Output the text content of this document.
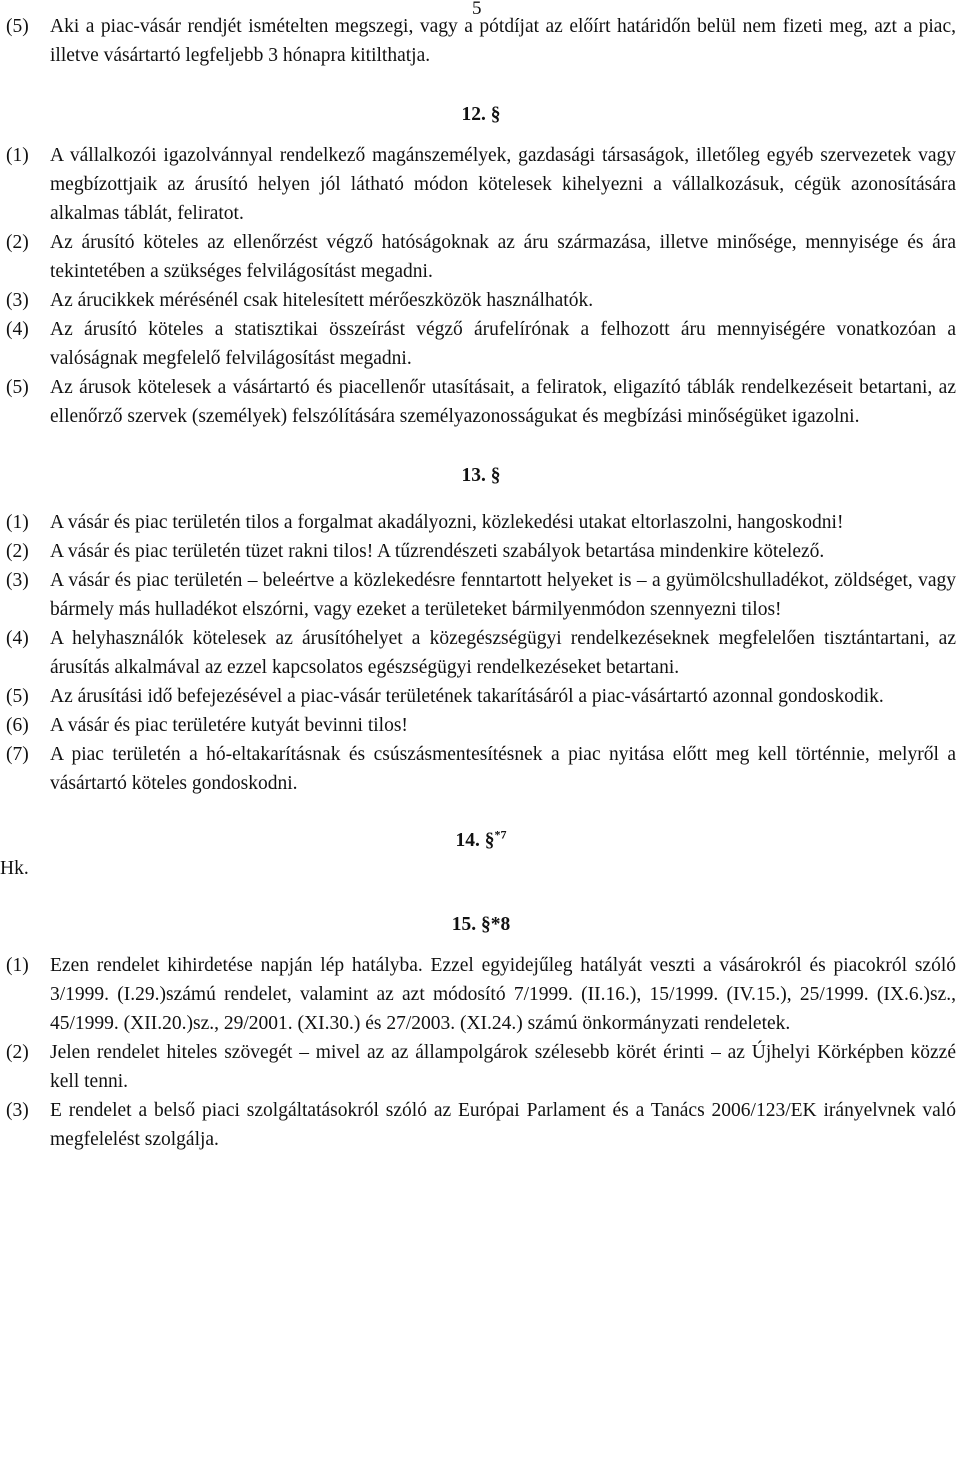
5

(5) Aki a piac-vásár rendjét ismételten megszegi, vagy a pótdíjat az előírt határidőn belül nem fizeti meg, azt a piac, illetve vásártartó legfeljebb 3 hónapra kitilthatja.

12. §

(1) A vállalkozói igazolvánnyal rendelkező magánszemélyek, gazdasági társaságok, illetőleg egyéb szervezetek vagy megbízottjaik az árusító helyen jól látható módon kötelesek kihelyezni a vállalkozásuk, cégük azonosítására alkalmas táblát, feliratot.

(2) Az árusító köteles az ellenőrzést végző hatóságoknak az áru származása, illetve minősége, mennyisége és ára tekintetében a szükséges felvilágosítást megadni.

(3) Az árucikkek mérésénél csak hitelesített mérőeszközök használhatók.

(4) Az árusító köteles a statisztikai összeírást végző árufelírónak a felhozott áru mennyiségére vonatkozóan a valóságnak megfelelő felvilágosítást megadni.

(5) Az árusok kötelesek a vásártartó és piacellenőr utasításait, a feliratok, eligazító táblák rendelkezéseit betartani, az ellenőrző szervek (személyek) felszólítására személyazonosságukat és megbízási minőségüket igazolni.

13. §

(1) A vásár és piac területén tilos a forgalmat akadályozni, közlekedési utakat eltorlaszolni, hangoskodni!

(2) A vásár és piac területén tüzet rakni tilos! A tűzrendészeti szabályok betartása mindenkire kötelező.

(3) A vásár és piac területén – beleértve a közlekedésre fenntartott helyeket is – a gyümölcshulladékot, zöldséget, vagy bármely más hulladékot elszórni, vagy ezeket a területeket bármilyenmódon szennyezni tilos!

(4) A helyhasználók kötelesek az árusítóhelyet a közegészségügyi rendelkezéseknek megfelelően tisztántartani, az árusítás alkalmával az ezzel kapcsolatos egészségügyi rendelkezéseket betartani.

(5) Az árusítási idő befejezésével a piac-vásár területének takarításáról a piac-vásártartó azonnal gondoskodik.

(6) A vásár és piac területére kutyát bevinni tilos!

(7) A piac területén a hó-eltakarításnak és csúszásmentesítésnek a piac nyitása előtt meg kell történnie, melyről a vásártartó köteles gondoskodni.

14. §$^{*7}$

Hk.

15. §*8

(1) Ezen rendelet kihirdetése napján lép hatályba. Ezzel egyidejűleg hatályát veszti a vásárokról és piacokról szóló 3/1999. (I.29.)számú rendelet, valamint az azt módosító 7/1999. (II.16.), 15/1999. (IV.15.), 25/1999. (IX.6.)sz., 45/1999. (XII.20.)sz., 29/2001. (XI.30.) és 27/2003. (XI.24.) számú önkormányzati rendeletek.

(2) Jelen rendelet hiteles szövegét – mivel az az állampolgárok szélesebb körét érinti – az Újhelyi Körképben közzé kell tenni.

(3) E rendelet a belső piaci szolgáltatásokról szóló az Európai Parlament és a Tanács 2006/123/EK irányelvnek való megfelelést szolgálja.
